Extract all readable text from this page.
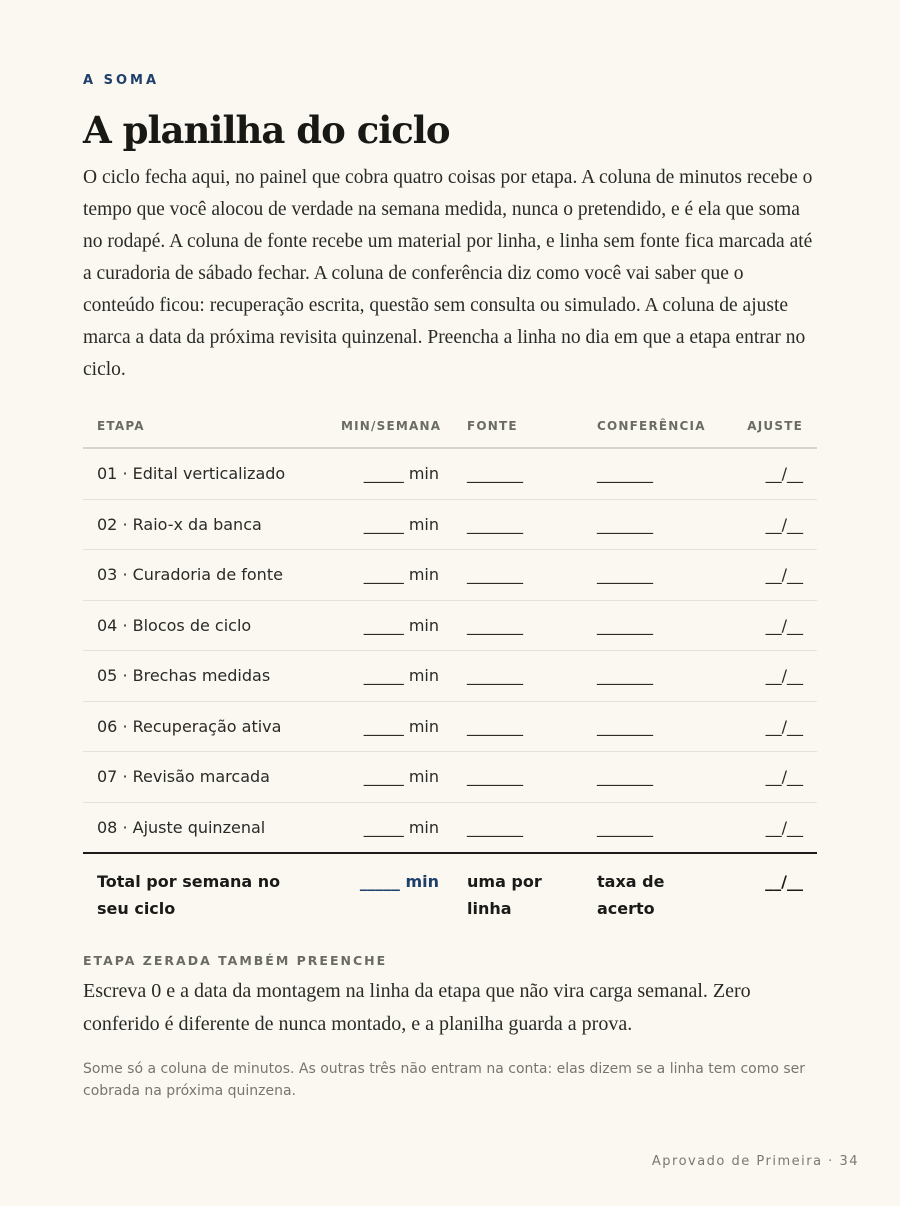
A SOMA
A planilha do ciclo

O ciclo fecha aqui, no painel que cobra quatro coisas por etapa. A coluna de minutos recebe o tempo que você alocou de verdade na semana medida, nunca o pretendido, e é ela que soma no rodapé. A coluna de fonte recebe um material por linha, e linha sem fonte fica marcada até a curadoria de sábado fechar. A coluna de conferência diz como você vai saber que o conteúdo ficou: recuperação escrita, questão sem consulta ou simulado. A coluna de ajuste marca a data da próxima revisita quinzenal. Preencha a linha no dia em que a etapa entrar no ciclo.

ETAPA	MIN/SEMANA	FONTE	CONFERÊNCIA	AJUSTE
01 · Edital verticalizado	_____ min	_______	_______	__/__
02 · Raio-x da banca	_____ min	_______	_______	__/__
03 · Curadoria de fonte	_____ min	_______	_______	__/__
04 · Blocos de ciclo	_____ min	_______	_______	__/__
05 · Brechas medidas	_____ min	_______	_______	__/__
06 · Recuperação ativa	_____ min	_______	_______	__/__
07 · Revisão marcada	_____ min	_______	_______	__/__
08 · Ajuste quinzenal	_____ min	_______	_______	__/__
Total por semana no seu ciclo	_____ min	uma por linha	taxa de acerto	__/__
ETAPA ZERADA TAMBÉM PREENCHE

Escreva 0 e a data da montagem na linha da etapa que não vira carga semanal. Zero conferido é diferente de nunca montado, e a planilha guarda a prova.

Some só a coluna de minutos. As outras três não entram na conta: elas dizem se a linha tem como ser cobrada na próxima quinzena.

Aprovado de Primeira · 34
